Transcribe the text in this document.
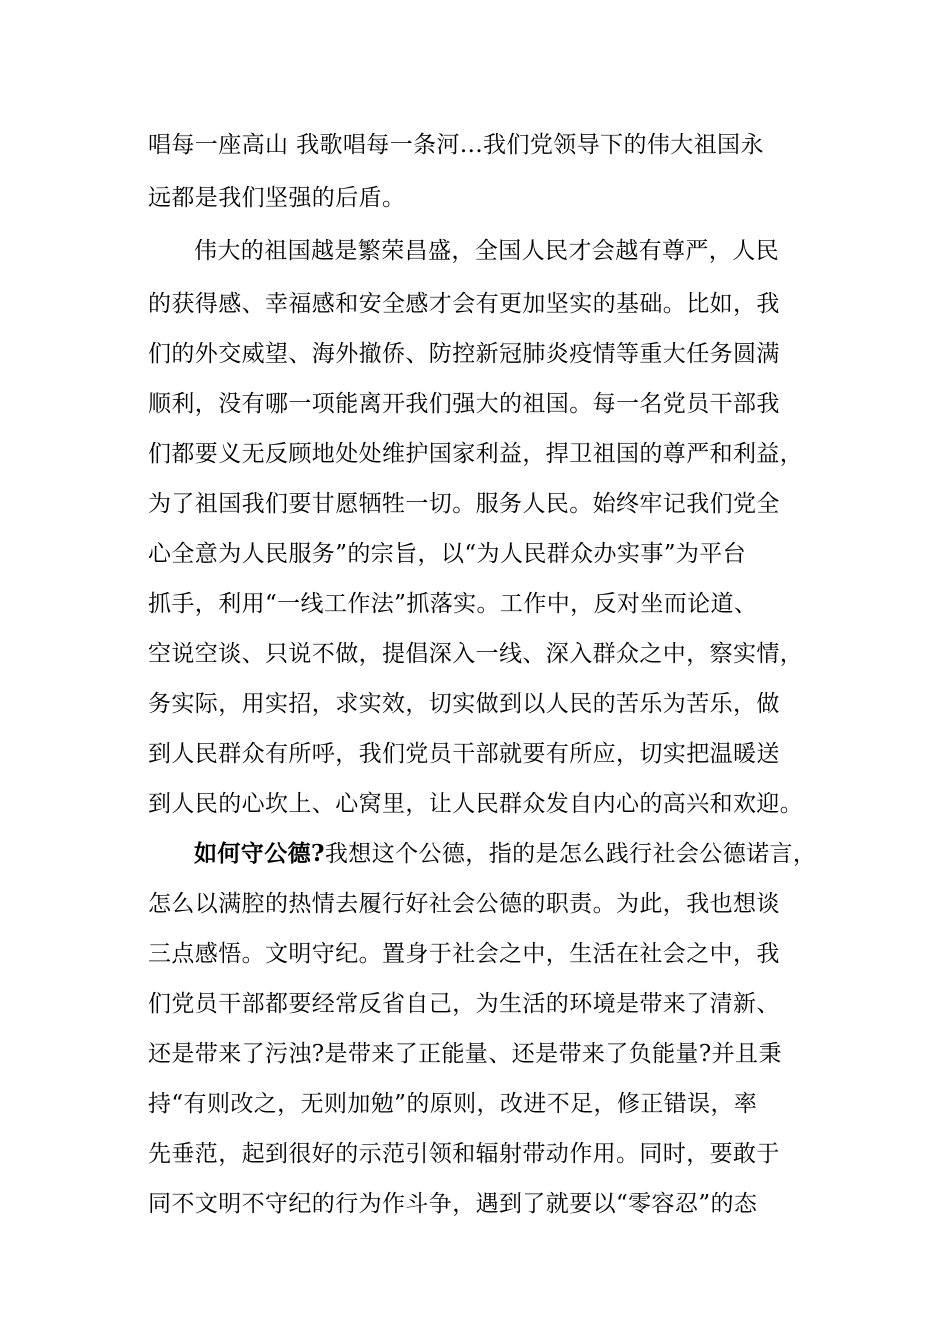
唱每一座高山 我歌唱每一条河...我们党领导下的伟大祖国永
远都是我们坚强的后盾。
伟大的祖国越是繁荣昌盛，全国人民才会越有尊严，人民
的获得感、幸福感和安全感才会有更加坚实的基础。比如，我
们的外交威望、海外撤侨、防控新冠肺炎疫情等重大任务圆满
顺利，没有哪一项能离开我们强大的祖国。每一名党员干部我
们都要义无反顾地处处维护国家利益，捍卫祖国的尊严和利益，
为了祖国我们要甘愿牺牲一切。服务人民。始终牢记我们党全
心全意为人民服务”的宗旨，以“为人民群众办实事”为平台
抓手，利用“一线工作法”抓落实。工作中，反对坐而论道、
空说空谈、只说不做，提倡深入一线、深入群众之中，察实情，
务实际，用实招，求实效，切实做到以人民的苦乐为苦乐，做
到人民群众有所呼，我们党员干部就要有所应，切实把温暖送
到人民的心坎上、心窝里，让人民群众发自内心的高兴和欢迎。
如何守公德?我想这个公德，指的是怎么践行社会公德诺言，
怎么以满腔的热情去履行好社会公德的职责。为此，我也想谈
三点感悟。文明守纪。置身于社会之中，生活在社会之中，我
们党员干部都要经常反省自己，为生活的环境是带来了清新、
还是带来了污浊?是带来了正能量、还是带来了负能量?并且秉
持“有则改之，无则加勉”的原则，改进不足，修正错误，率
先垂范，起到很好的示范引领和辐射带动作用。同时，要敢于
同不文明不守纪的行为作斗争，遇到了就要以“零容忍”的态
